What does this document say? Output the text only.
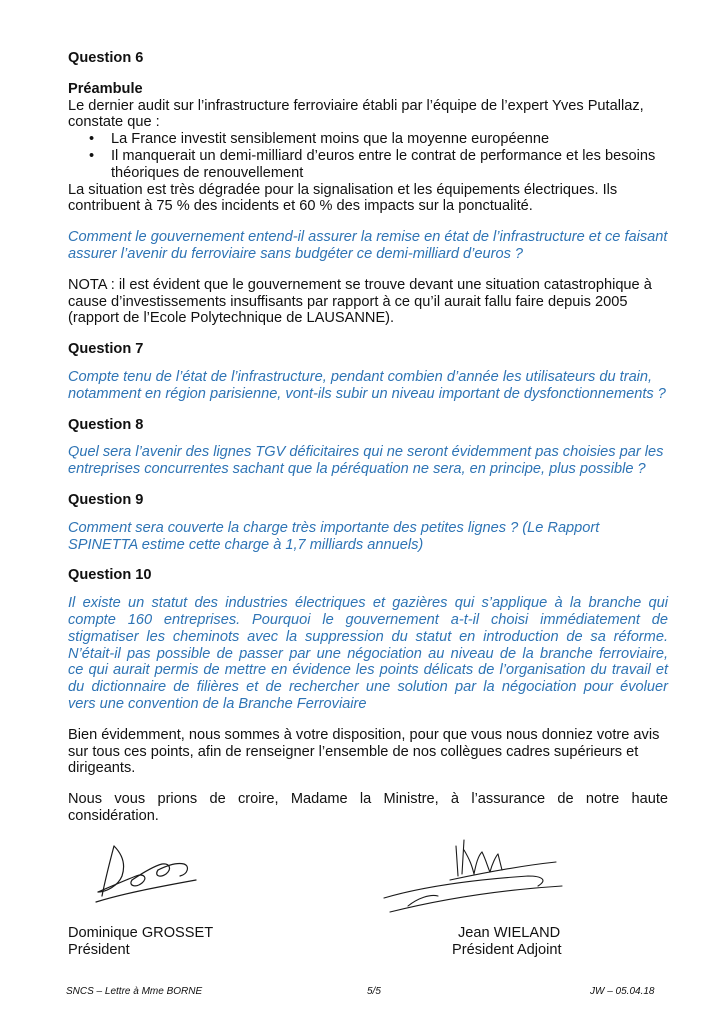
Question 6

Préambule

Le dernier audit sur l’infrastructure ferroviaire établi par l’équipe de l’expert Yves Putallaz,

constate que :

• La France investit sensiblement moins que la moyenne européenne
• Il manquerait un demi-milliard d’euros entre le contrat de performance et les besoins
théoriques de renouvellement

La situation est très dégradée pour la signalisation et les équipements électriques. Ils

contribuent à 75 % des incidents et 60 % des impacts sur la ponctualité.

Comment le gouvernement entend-il assurer la remise en état de l’infrastructure et ce faisant

assurer l’avenir du ferroviaire sans budgéter ce demi-milliard d’euros ?

NOTA : il est évident que le gouvernement se trouve devant une situation catastrophique à

cause d’investissements insuffisants par rapport à ce qu’il aurait fallu faire depuis 2005

(rapport de l’Ecole Polytechnique de LAUSANNE).

Question 7

Compte tenu de l’état de l’infrastructure, pendant combien d’année les utilisateurs du train,

notamment en région parisienne, vont-ils subir un niveau important de dysfonctionnements ?

Question 8

Quel sera l’avenir des lignes TGV déficitaires qui ne seront évidemment pas choisies par les

entreprises concurrentes sachant que la péréquation ne sera, en principe, plus possible ?

Question 9

Comment sera couverte la charge très importante des petites lignes ? (Le Rapport

SPINETTA estime cette charge à 1,7 milliards annuels)

Question 10

Il existe un statut des industries électriques et gazières qui s’applique à la branche qui

compte 160 entreprises. Pourquoi le gouvernement a-t-il choisi immédiatement de

stigmatiser les cheminots avec la suppression du statut en introduction de sa réforme.

N’était-il pas possible de passer par une négociation au niveau de la branche ferroviaire,

ce qui aurait permis de mettre en évidence les points délicats de l’organisation du travail et

du dictionnaire de filières et de rechercher une solution par la négociation pour évoluer

vers une convention de la Branche Ferroviaire

Bien évidemment, nous sommes à votre disposition, pour que vous nous donniez votre avis

sur tous ces points, afin de renseigner l’ensemble de nos collègues cadres supérieurs et

dirigeants.

Nous vous prions de croire, Madame la Ministre, à l’assurance de notre haute

considération.

Dominique GROSSET
Président
Jean WIELAND
Président Adjoint
SNCS – Lettre à Mme BORNE	5/5	JW – 05.04.18
